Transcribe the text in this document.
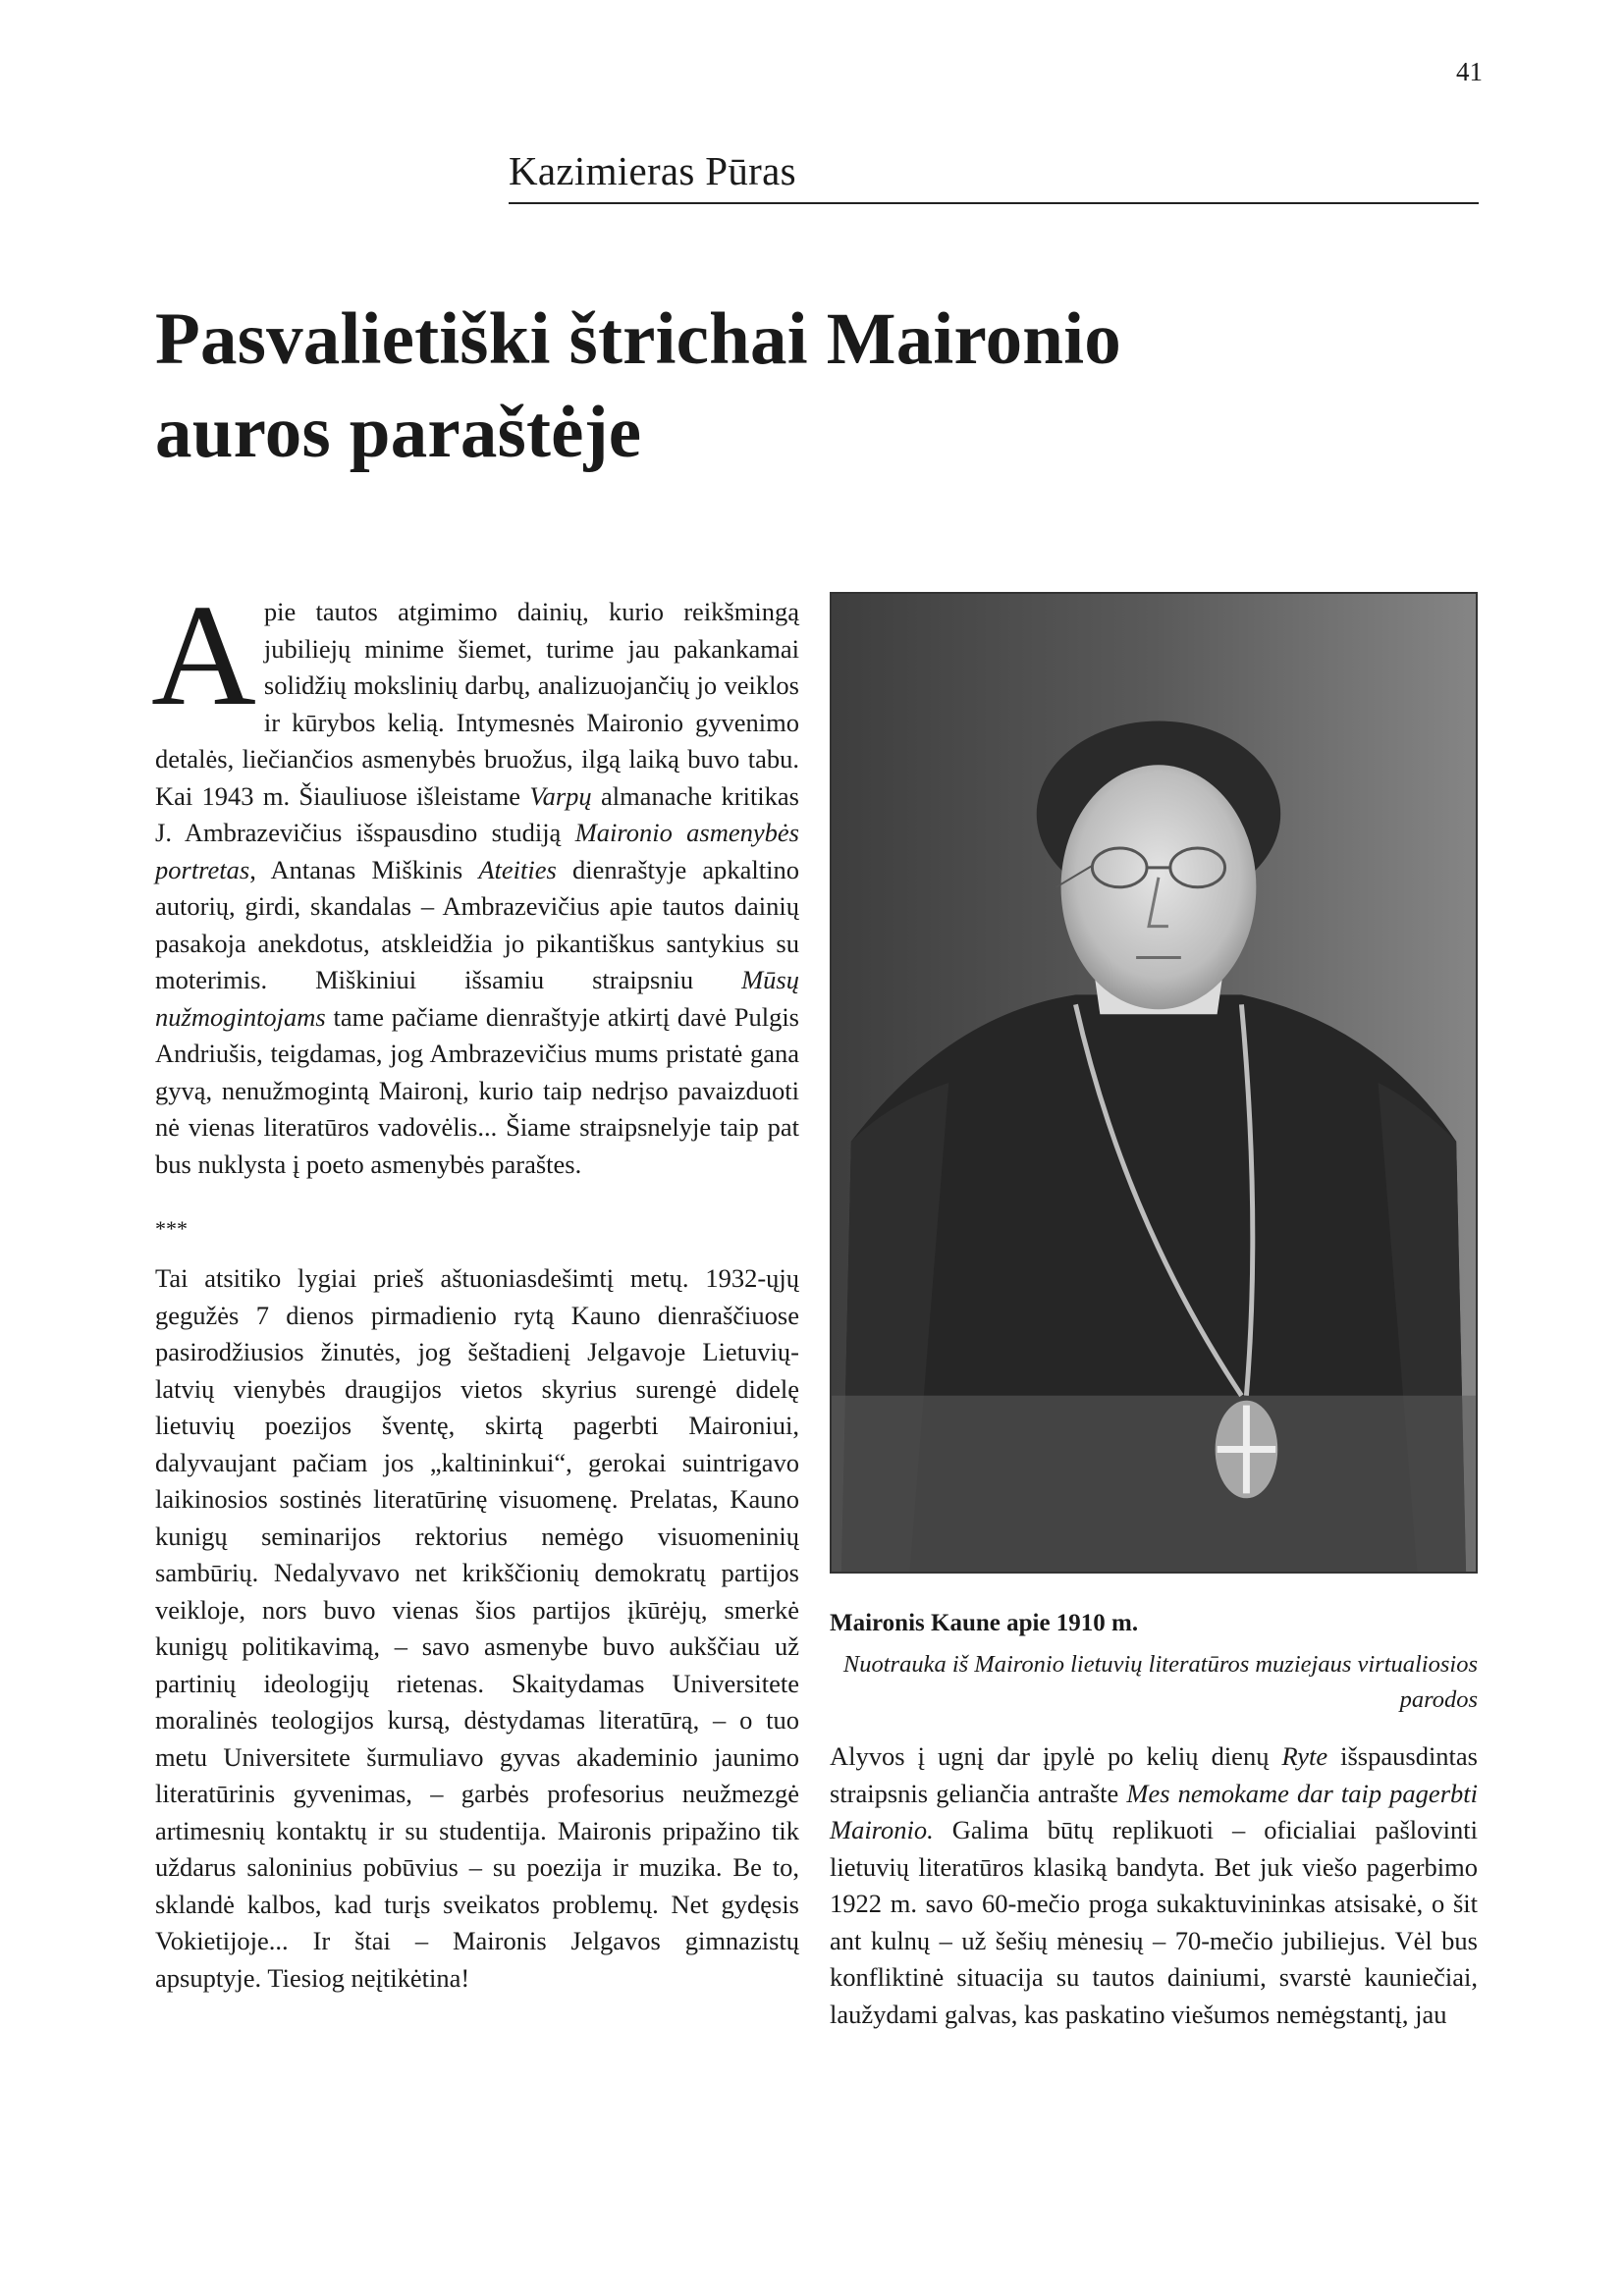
41
Kazimieras Pūras
Pasvalietiški štrichai Maironio
auros paraštėje

Apie tautos atgimimo dainių, kurio reikšmingą jubiliejų minime šiemet, turime jau pakankamai solidžių mokslinių darbų, analizuojančių jo veiklos ir kūrybos kelią. Intymesnės Maironio gyvenimo detalės, liečiančios asmenybės bruožus, ilgą laiką buvo tabu. Kai 1943 m. Šiauliuose išleistame Varpų almanache kritikas J. Ambrazevičius išspausdino studiją Maironio asmenybės portretas, Antanas Miškinis Ateities dienraštyje apkaltino autorių, girdi, skandalas – Ambrazevičius apie tautos dainių pasakoja anekdotus, atskleidžia jo pikantiškus santykius su moterimis. Miškiniui išsamiu straipsniu Mūsų nužmogintojams tame pačiame dienraštyje atkirtį davė Pulgis Andriušis, teigdamas, jog Ambrazevičius mums pristatė gana gyvą, nenužmogintą Maironį, kurio taip nedrįso pavaizduoti nė vienas literatūros vadovėlis... Šiame straipsnelyje taip pat bus nuklysta į poeto asmenybės paraštes.

***

Tai atsitiko lygiai prieš aštuoniasdešimtį metų. 1932-ųjų gegužės 7 dienos pirmadienio rytą Kauno dienraščiuose pasirodžiusios žinutės, jog šeštadienį Jelgavoje Lietuvių-latvių vienybės draugijos vietos skyrius surengė didelę lietuvių poezijos šventę, skirtą pagerbti Maironiui, dalyvaujant pačiam jos „kaltininkui“, gerokai suintrigavo laikinosios sostinės literatūrinę visuomenę. Prelatas, Kauno kunigų seminarijos rektorius nemėgo visuomeninių sambūrių. Nedalyvavo net krikščionių demokratų partijos veikloje, nors buvo vienas šios partijos įkūrėjų, smerkė kunigų politikavimą, – savo asmenybe buvo aukščiau už partinių ideologijų rietenas. Skaitydamas Universitete moralinės teologijos kursą, dėstydamas literatūrą, – o tuo metu Universitete šurmuliavo gyvas akademinio jaunimo literatūrinis gyvenimas, – garbės profesorius neužmezgė artimesnių kontaktų ir su studentija. Maironis pripažino tik uždarus saloninius pobūvius – su poezija ir muzika. Be to, sklandė kalbos, kad turįs sveikatos problemų. Net gydęsis Vokietijoje... Ir štai – Maironis Jelgavos gimnazistų apsuptyje. Tiesiog neįtikėtina!

Maironis Kaune apie 1910 m.
Nuotrauka iš Maironio lietuvių literatūros muziejaus virtualiosios parodos

Alyvos į ugnį dar įpylė po kelių dienų Ryte išspausdintas straipsnis geliančia antrašte Mes nemokame dar taip pagerbti Maironio. Galima būtų replikuoti – oficialiai pašlovinti lietuvių literatūros klasiką bandyta. Bet juk viešo pagerbimo 1922 m. savo 60-mečio proga sukaktuvininkas atsisakė, o šit ant kulnų – už šešių mėnesių – 70-mečio jubiliejus. Vėl bus konfliktinė situacija su tautos dainiumi, svarstė kauniečiai, laužydami galvas, kas paskatino viešumos nemėgstantį, jau
